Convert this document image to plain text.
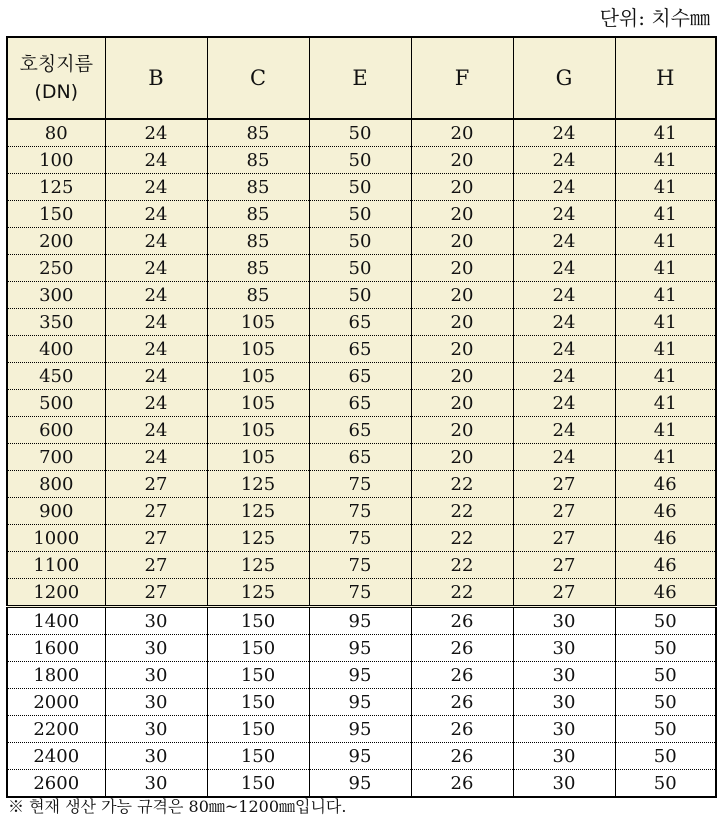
단위: 치수㎜
호칭지름
(DN)	B	C	E	F	G	H
80	24	85	50	20	24	41
100	24	85	50	20	24	41
125	24	85	50	20	24	41
150	24	85	50	20	24	41
200	24	85	50	20	24	41
250	24	85	50	20	24	41
300	24	85	50	20	24	41
350	24	105	65	20	24	41
400	24	105	65	20	24	41
450	24	105	65	20	24	41
500	24	105	65	20	24	41
600	24	105	65	20	24	41
700	24	105	65	20	24	41
800	27	125	75	22	27	46
900	27	125	75	22	27	46
1000	27	125	75	22	27	46
1100	27	125	75	22	27	46
1200	27	125	75	22	27	46
1400	30	150	95	26	30	50
1600	30	150	95	26	30	50
1800	30	150	95	26	30	50
2000	30	150	95	26	30	50
2200	30	150	95	26	30	50
2400	30	150	95	26	30	50
2600	30	150	95	26	30	50
※ 현재 생산 가능 규격은 80㎜~1200㎜입니다.
